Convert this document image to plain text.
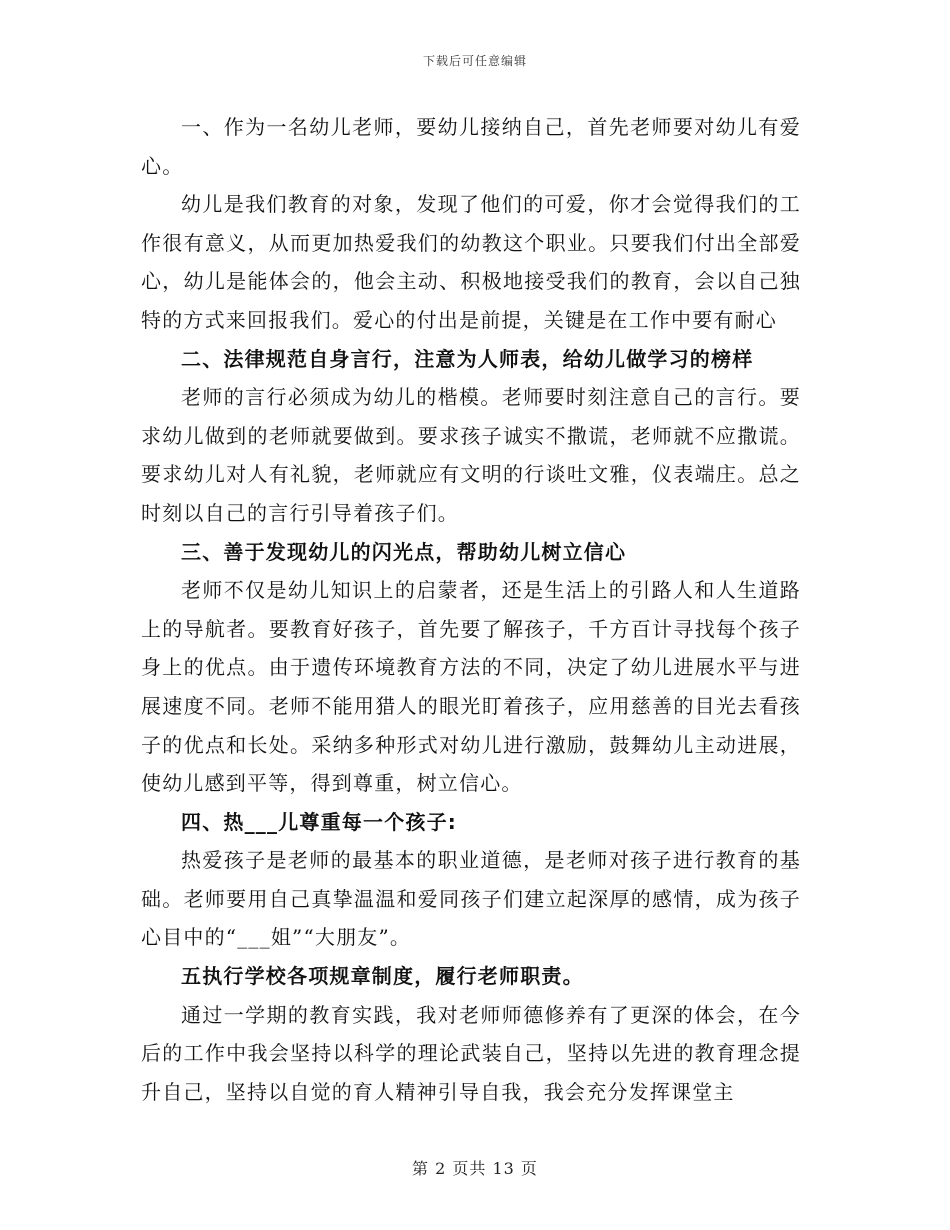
下载后可任意编辑

一、作为一名幼儿老师，要幼儿接纳自己，首先老师要对幼儿有爱心。

幼儿是我们教育的对象，发现了他们的可爱，你才会觉得我们的工作很有意义，从而更加热爱我们的幼教这个职业。只要我们付出全部爱心，幼儿是能体会的，他会主动、积极地接受我们的教育，会以自己独特的方式来回报我们。爱心的付出是前提，关键是在工作中要有耐心

二、法律规范自身言行，注意为人师表，给幼儿做学习的榜样

老师的言行必须成为幼儿的楷模。老师要时刻注意自己的言行。要求幼儿做到的老师就要做到。要求孩子诚实不撒谎，老师就不应撒谎。要求幼儿对人有礼貌，老师就应有文明的行谈吐文雅，仪表端庄。总之时刻以自己的言行引导着孩子们。

三、善于发现幼儿的闪光点，帮助幼儿树立信心

老师不仅是幼儿知识上的启蒙者，还是生活上的引路人和人生道路上的导航者。要教育好孩子，首先要了解孩子，千方百计寻找每个孩子身上的优点。由于遗传环境教育方法的不同，决定了幼儿进展水平与进展速度不同。老师不能用猎人的眼光盯着孩子，应用慈善的目光去看孩子的优点和长处。采纳多种形式对幼儿进行激励，鼓舞幼儿主动进展，使幼儿感到平等，得到尊重，树立信心。

四、热___儿尊重每一个孩子:

热爱孩子是老师的最基本的职业道德，是老师对孩子进行教育的基础。老师要用自己真挚温温和爱同孩子们建立起深厚的感情，成为孩子心目中的“___姐”“大朋友”。

五执行学校各项规章制度，履行老师职责。

通过一学期的教育实践，我对老师师德修养有了更深的体会，在今后的工作中我会坚持以科学的理论武装自己，坚持以先进的教育理念提升自己，坚持以自觉的育人精神引导自我，我会充分发挥课堂主

第 2 页共 13 页
